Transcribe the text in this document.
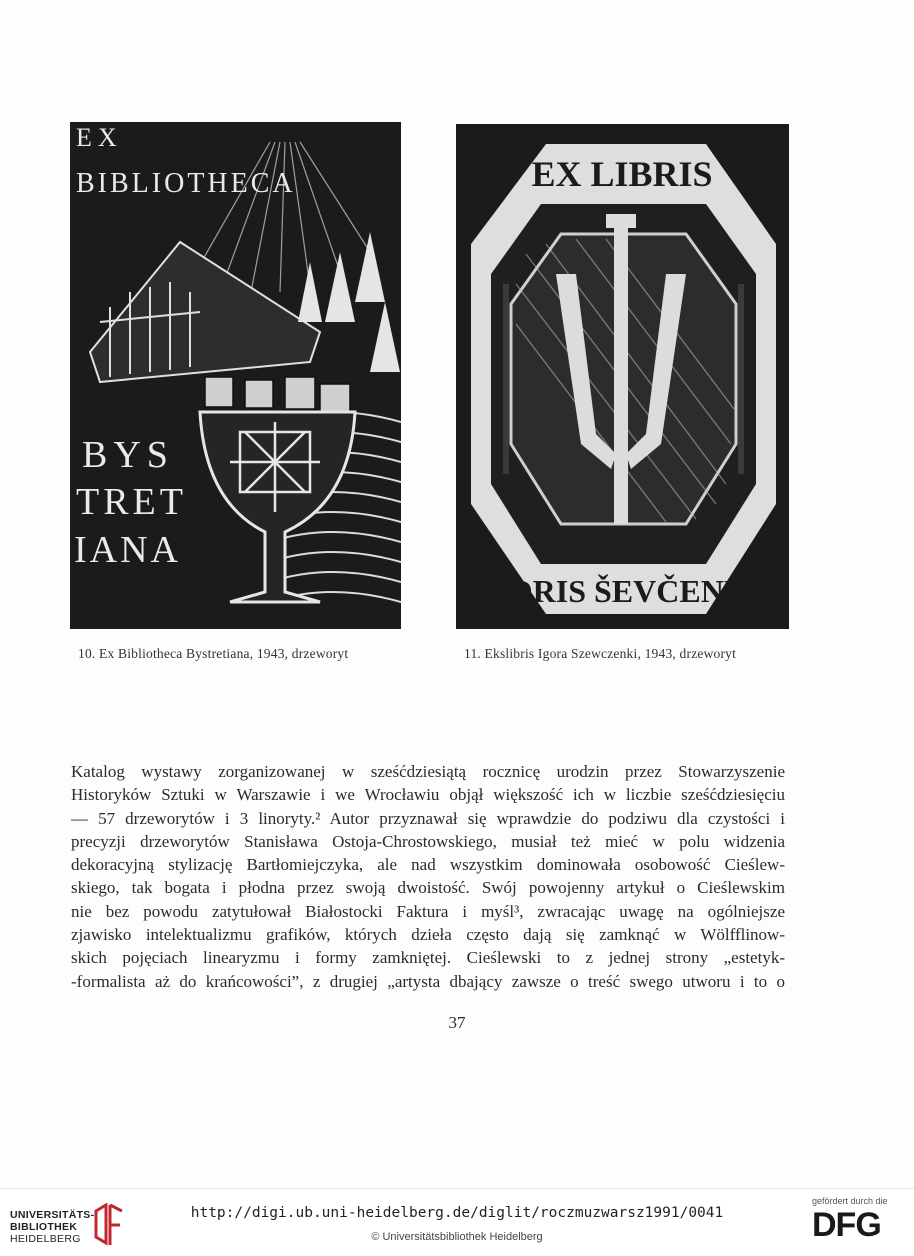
EX
BIBLIOTHECA
BYS
TRET
IANA
EX LIBRIS
IHORIS ŠEVČENKO
10. Ex Bibliotheca Bystretiana, 1943, drzeworyt	11. Ekslibris Igora Szewczenki, 1943, drzeworyt
Katalog wystawy zorganizowanej w sześćdziesiątą rocznicę urodzin przez Stowarzyszenie
Historyków Sztuki w Warszawie i we Wrocławiu objął większość ich w liczbie sześćdziesięciu
— 57 drzeworytów i 3 linoryty.² Autor przyznawał się wprawdzie do podziwu dla czystości i
precyzji drzeworytów Stanisława Ostoja-Chrostowskiego, musiał też mieć w polu widzenia
dekoracyjną stylizację Bartłomiejczyka, ale nad wszystkim dominowała osobowość Cieślew-
skiego, tak bogata i płodna przez swoją dwoistość. Swój powojenny artykuł o Cieślewskim
nie bez powodu zatytułował Białostocki Faktura i myśl³, zwracając uwagę na ogólniejsze
zjawisko intelektualizmu grafików, których dzieła często dają się zamknąć w Wölfflinow-
skich pojęciach linearyzmu i formy zamkniętej. Cieślewski to z jednej strony „estetyk-
-formalista aż do krańcowości”, z drugiej „artysta dbający zawsze o treść swego utworu i to o
37
UNIVERSITÄTS-
BIBLIOTHEK
HEIDELBERG
http://digi.ub.uni-heidelberg.de/diglit/roczmuzwarsz1991/0041
© Universitätsbibliothek Heidelberg
gefördert durch die
DFG
